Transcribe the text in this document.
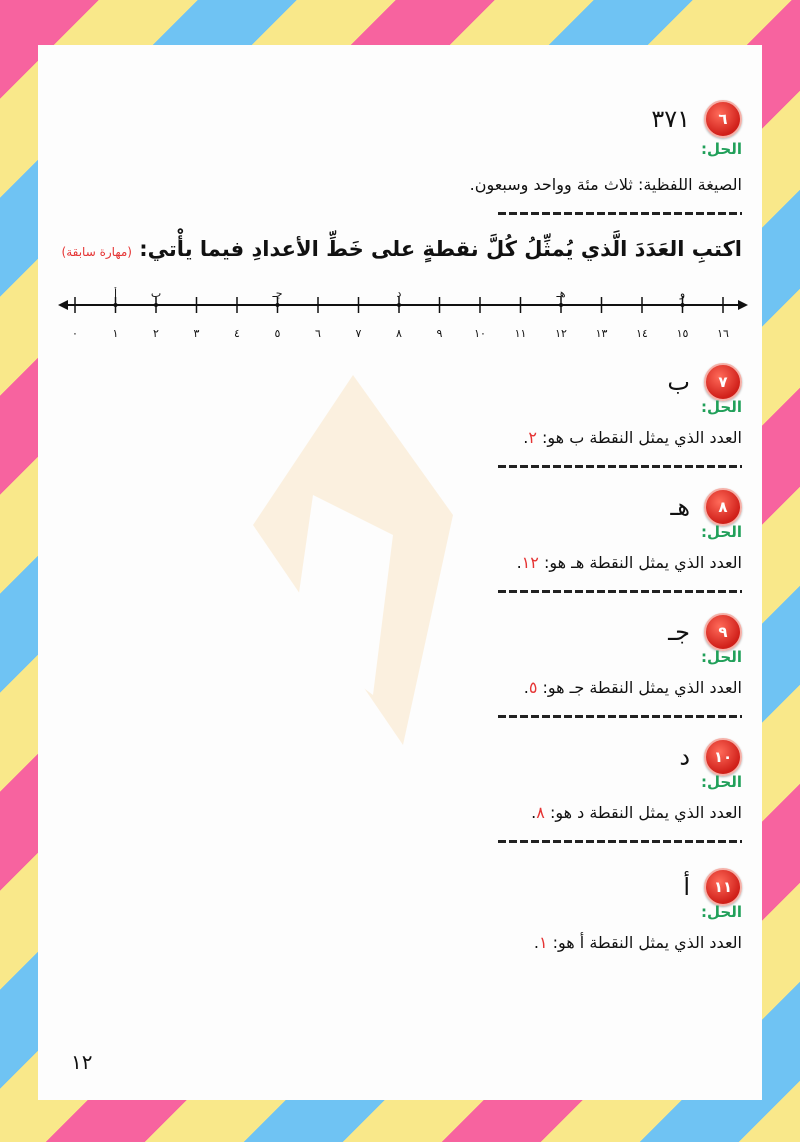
٦
٣٧١
الحل:
الصيغة اللفظية: ثلاث مئة وواحد وسبعون.
اكتبِ العَدَدَ الَّذي يُمثِّلُ كُلَّ نقطةٍ على خَطِّ الأعدادِ فيما يأْتي: (مهارة سابقة)
٠	١	٢	٣	٤	٥	٦	٧	٨	٩	١٠	١١	١٢	١٣	١٤	١٥	١٦
أ	ب	جـ	د	هـ	و
٧
ب
الحل:
العدد الذي يمثل النقطة ب هو: ٢.
٨
هـ
الحل:
العدد الذي يمثل النقطة هـ هو: ١٢.
٩
جـ
الحل:
العدد الذي يمثل النقطة جـ هو: ٥.
١٠
د
الحل:
العدد الذي يمثل النقطة د هو: ٨.
١١
أ
الحل:
العدد الذي يمثل النقطة أ هو: ١.
١٢
